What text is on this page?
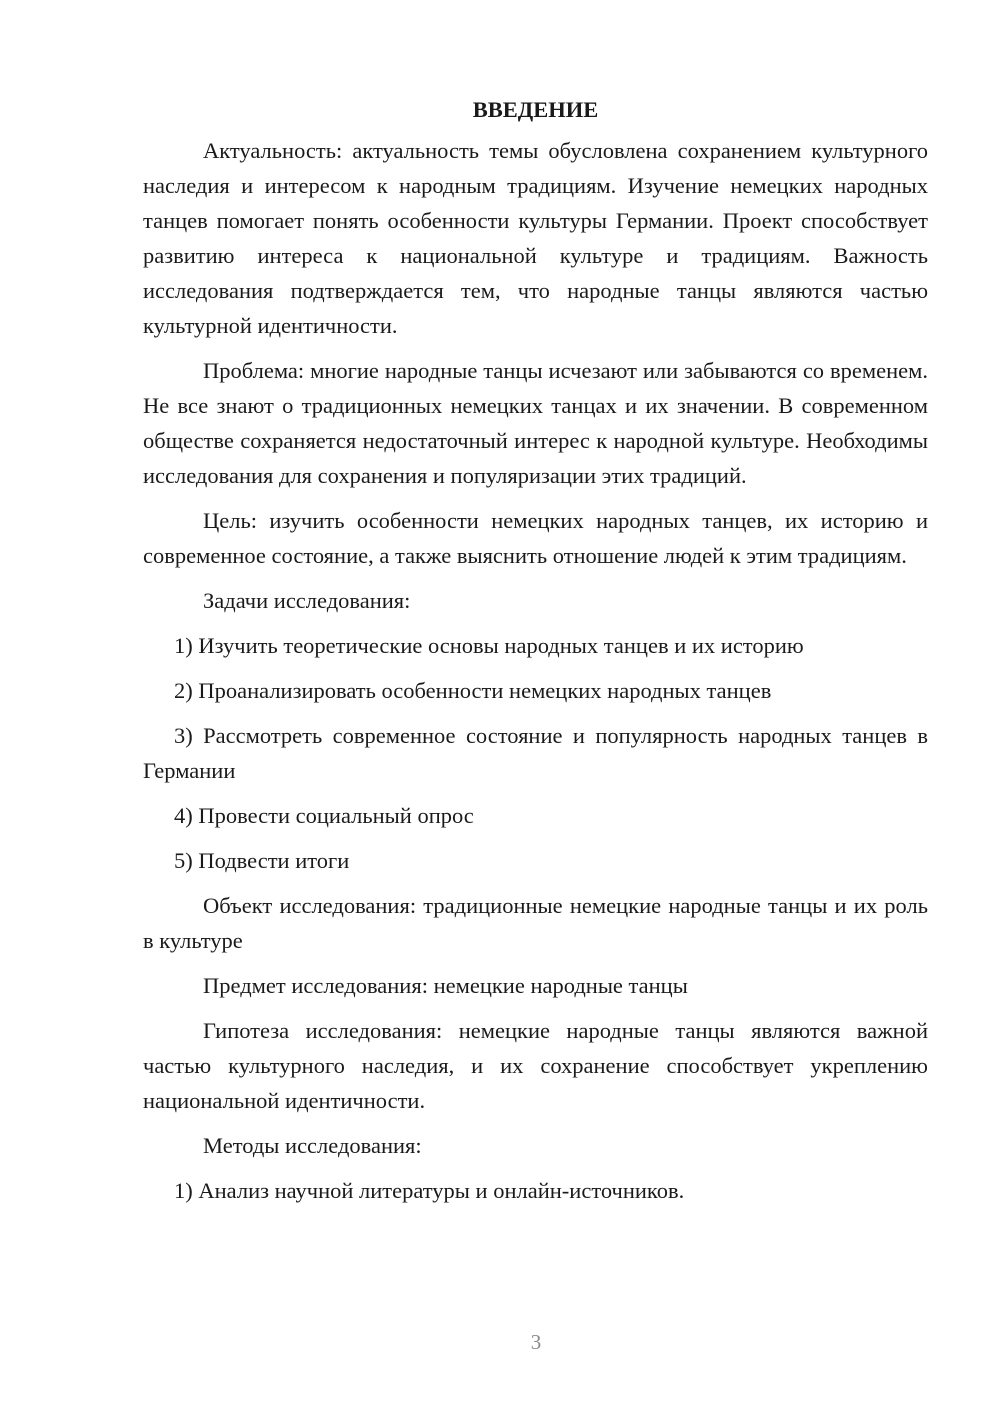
ВВЕДЕНИЕ

Актуальность: актуальность темы обусловлена сохранением культурного наследия и интересом к народным традициям. Изучение немецких народных танцев помогает понять особенности культуры Германии. Проект способствует развитию интереса к национальной культуре и традициям. Важность исследования подтверждается тем, что народные танцы являются частью культурной идентичности.

Проблема: многие народные танцы исчезают или забываются со временем. Не все знают о традиционных немецких танцах и их значении. В современном обществе сохраняется недостаточный интерес к народной культуре. Необходимы исследования для сохранения и популяризации этих традиций.

Цель: изучить особенности немецких народных танцев, их историю и современное состояние, а также выяснить отношение людей к этим традициям.

Задачи исследования:

1) Изучить теоретические основы народных танцев и их историю

2) Проанализировать особенности немецких народных танцев

3) Рассмотреть современное состояние и популярность народных танцев в Германии

4) Провести социальный опрос

5) Подвести итоги

Объект исследования: традиционные немецкие народные танцы и их роль в культуре

Предмет исследования: немецкие народные танцы

Гипотеза исследования: немецкие народные танцы являются важной частью культурного наследия, и их сохранение способствует укреплению национальной идентичности.

Методы исследования:

1) Анализ научной литературы и онлайн-источников.

3
